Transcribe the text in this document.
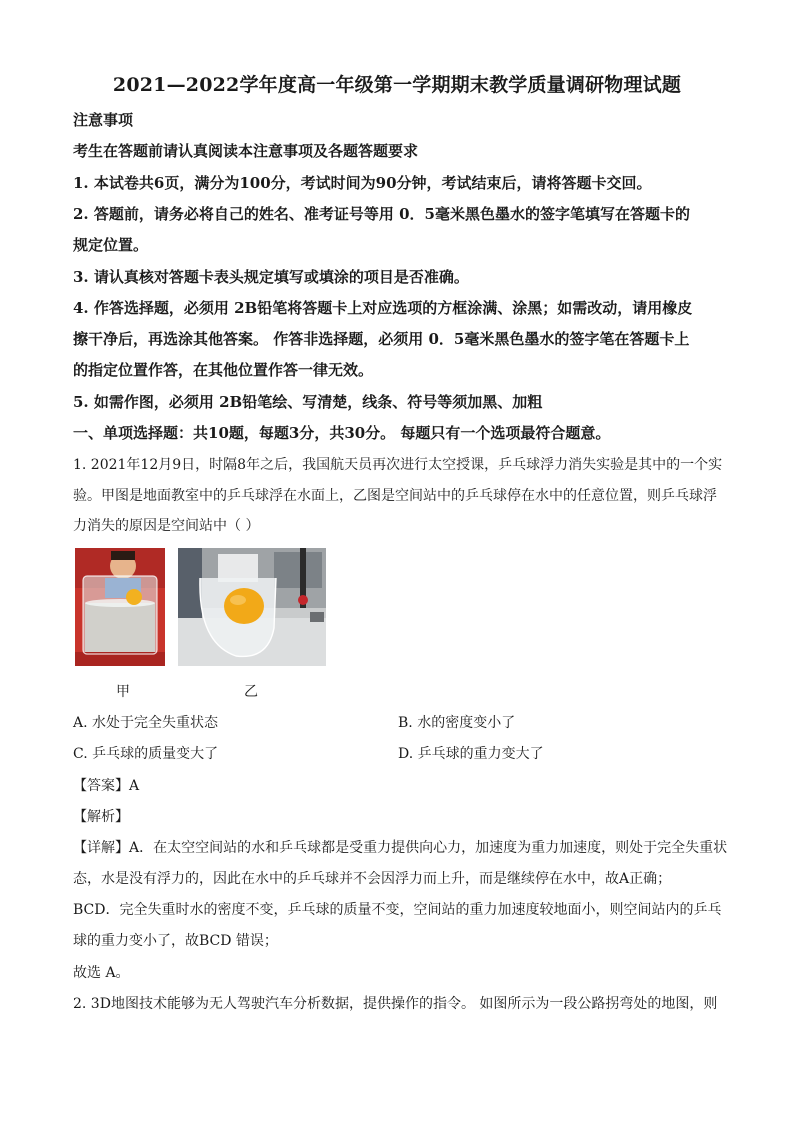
2021—2022学年度高一年级第一学期期末教学质量调研物理试题
注意事项
考生在答题前请认真阅读本注意事项及各题答题要求
1. 本试卷共6页，满分为100分，考试时间为90分钟，考试结束后，请将答题卡交回。
2. 答题前，请务必将自己的姓名、准考证号等用 0．5毫米黑色墨水的签字笔填写在答题卡的
规定位置。
3. 请认真核对答题卡表头规定填写或填涂的项目是否准确。
4. 作答选择题，必须用 2B铅笔将答题卡上对应选项的方框涂满、涂黑；如需改动，请用橡皮
擦干净后，再选涂其他答案。 作答非选择题，必须用 0．5毫米黑色墨水的签字笔在答题卡上
的指定位置作答，在其他位置作答一律无效。
5. 如需作图，必须用 2B铅笔绘、写清楚，线条、符号等须加黑、加粗
一、单项选择题：共10题，每题3分，共30分。 每题只有一个选项最符合题意。
1. 2021年12月9日，时隔8年之后，我国航天员再次进行太空授课，乒乓球浮力消失实验是其中的一个实
验。甲图是地面教室中的乒乓球浮在水面上，乙图是空间站中的乒乓球停在水中的任意位置，则乒乓球浮
力消失的原因是空间站中（ ）
甲	乙
A. 水处于完全失重状态	B. 水的密度变小了
C. 乒乓球的质量变大了	D. 乒乓球的重力变大了
【答案】A
【解析】
【详解】A．在太空空间站的水和乒乓球都是受重力提供向心力，加速度为重力加速度，则处于完全失重状
态，水是没有浮力的，因此在水中的乒乓球并不会因浮力而上升，而是继续停在水中，故A正确；
BCD．完全失重时水的密度不变，乒乓球的质量不变，空间站的重力加速度较地面小，则空间站内的乒乓
球的重力变小了，故BCD 错误；
故选 A。
2. 3D地图技术能够为无人驾驶汽车分析数据，提供操作的指令。 如图所示为一段公路拐弯处的地图，则
